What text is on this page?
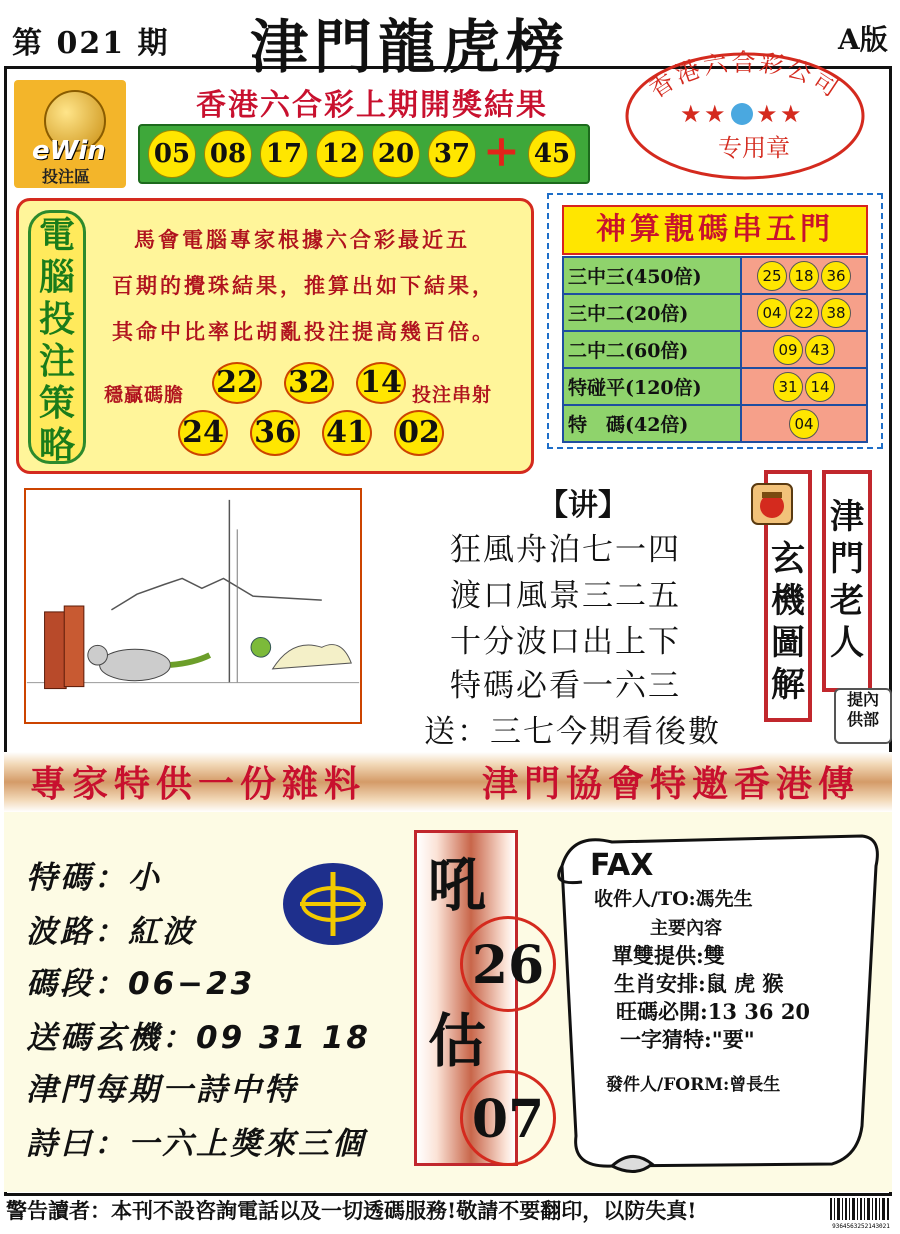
第 021 期 津門龍虎榜	A版
eWin
投注區
香港六合彩上期開獎結果
05 08 17 12 20 37 + 45
香港六合彩公司
★ ★ ★ ★
专用章
電
腦
投
注
策
略
馬會電腦專家根據六合彩最近五
百期的攪珠結果，推算出如下結果，
其命中比率比胡亂投注提高幾百倍。
穩贏碼膽	投注串射
22 32 14
24 36 41 02
神算靚碼串五門
三中三(450倍)	25 18 36
三中二(20倍)	04 22 38
二中二(60倍)	09 43
特碰平(120倍)	31 14
特　碼(42倍)	04
【讲】
狂風舟泊七一四
渡口風景三二五
十分波口出上下
特碼必看一六三
送：三七今期看後數
玄
機
圖
解
津
門
老
人
提內
供部
專家特供一份雜料	津門協會特邀香港傳
特碼：小
波路：紅波
碼段：06−23
送碼玄機：09 31 18
津門每期一詩中特
詩曰：一六上獎來三個
吼
26
估
07
FAX
收件人/TO:馮先生
主要內容
單雙提供:雙
生肖安排:鼠 虎 猴
旺碼必開:13 36 20
一字猜特:"要"
發件人/FORM:曾長生
警告讀者：本刊不設咨詢電話以及一切透碼服務!敬請不要翻印，以防失真!
9364563252143021
